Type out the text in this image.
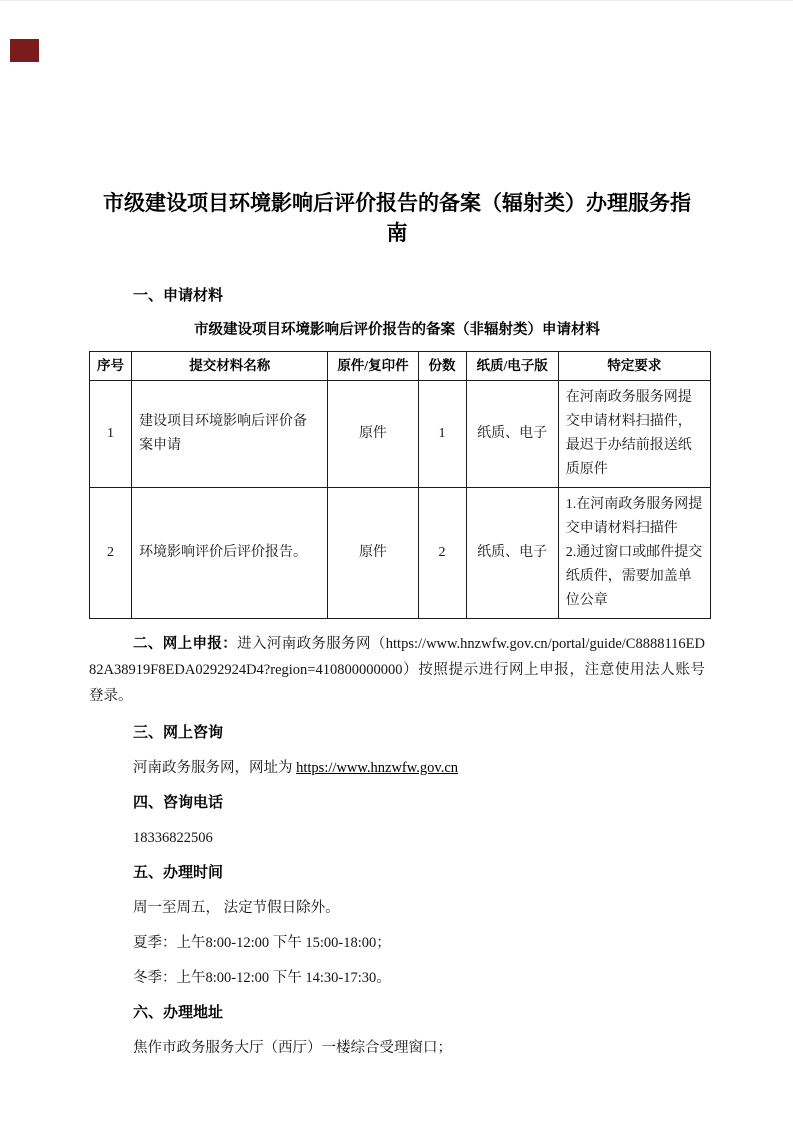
市级建设项目环境影响后评价报告的备案（辐射类）办理服务指南
一、申请材料
市级建设项目环境影响后评价报告的备案（非辐射类）申请材料
序号	提交材料名称	原件/复印件	份数	纸质/电子版	特定要求
1	建设项目环境影响后评价备案申请	原件	1	纸质、电子	在河南政务服务网提交申请材料扫描件，最迟于办结前报送纸质原件
2	环境影响评价后评价报告。	原件	2	纸质、电子	1.在河南政务服务网提交申请材料扫描件
2.通过窗口或邮件提交纸质件，需要加盖单位公章

二、网上申报：进入河南政务服务网（https://www.hnzwfw.gov.cn/portal/guide/C8888116ED82A38919F8EDA0292924D4?region=410800000000）按照提示进行网上申报，注意使用法人账号登录。

三、网上咨询

河南政务服务网，网址为 https://www.hnzwfw.gov.cn

四、咨询电话

18336822506

五、办理时间

周一至周五， 法定节假日除外。

夏季：上午8:00-12:00 下午 15:00-18:00；

冬季：上午8:00-12:00 下午 14:30-17:30。

六、办理地址

焦作市政务服务大厅（西厅）一楼综合受理窗口；
